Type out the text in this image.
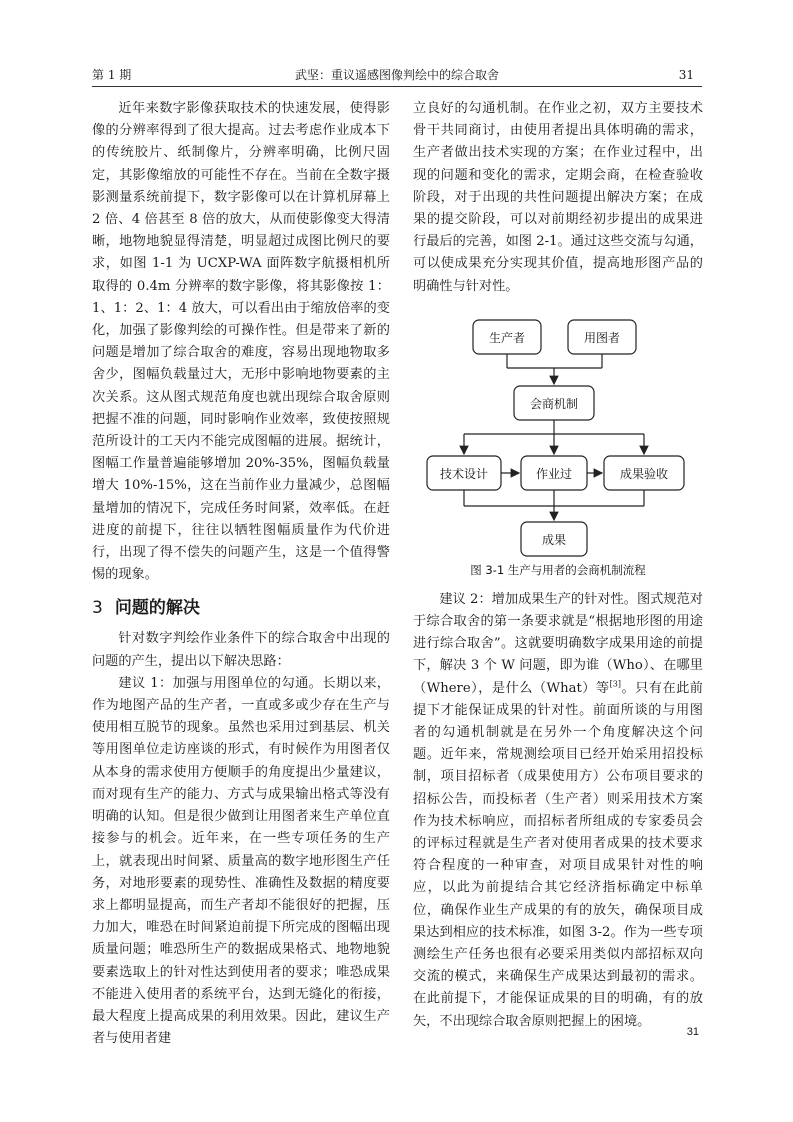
第 1 期	武坚：重议遥感图像判绘中的综合取舍	31

近年来数字影像获取技术的快速发展，使得影像的分辨率得到了很大提高。过去考虑作业成本下的传统胶片、纸制像片，分辨率明确，比例尺固定，其影像缩放的可能性不存在。当前在全数字摄影测量系统前提下，数字影像可以在计算机屏幕上 2 倍、4 倍甚至 8 倍的放大，从而使影像变大得清晰，地物地貌显得清楚，明显超过成图比例尺的要求，如图 1-1 为 UCXP-WA 面阵数字航摄相机所取得的 0.4m 分辨率的数字影像，将其影像按 1：1、1：2、1：4 放大，可以看出由于缩放倍率的变化，加强了影像判绘的可操作性。但是带来了新的问题是增加了综合取舍的难度，容易出现地物取多舍少，图幅负载量过大，无形中影响地物要素的主次关系。这从图式规范角度也就出现综合取舍原则把握不准的问题，同时影响作业效率，致使按照规范所设计的工天内不能完成图幅的进展。据统计，图幅工作量普遍能够增加 20%-35%，图幅负载量增大 10%-15%，这在当前作业力量减少，总图幅量增加的情况下，完成任务时间紧，效率低。在赶进度的前提下，往往以牺牲图幅质量作为代价进行，出现了得不偿失的问题产生，这是一个值得警惕的现象。

3 问题的解决

针对数字判绘作业条件下的综合取舍中出现的问题的产生，提出以下解决思路：

建议 1：加强与用图单位的勾通。长期以来，作为地图产品的生产者，一直或多或少存在生产与使用相互脱节的现象。虽然也采用过到基层、机关等用图单位走访座谈的形式，有时候作为用图者仅从本身的需求使用方便顺手的角度提出少量建议，而对现有生产的能力、方式与成果输出格式等没有明确的认知。但是很少做到让用图者来生产单位直接参与的机会。近年来，在一些专项任务的生产上，就表现出时间紧、质量高的数字地形图生产任务，对地形要素的现势性、准确性及数据的精度要求上都明显提高，而生产者却不能很好的把握，压力加大，唯恐在时间紧迫前提下所完成的图幅出现质量问题；唯恐所生产的数据成果格式、地物地貌要素选取上的针对性达到使用者的要求；唯恐成果不能进入使用者的系统平台，达到无缝化的衔接，最大程度上提高成果的利用效果。因此，建议生产者与使用者建

立良好的勾通机制。在作业之初，双方主要技术骨干共同商讨，由使用者提出具体明确的需求，生产者做出技术实现的方案；在作业过程中，出现的问题和变化的需求，定期会商，在检查验收阶段，对于出现的共性问题提出解决方案；在成果的提交阶段，可以对前期经初步提出的成果进行最后的完善，如图 2-1。通过这些交流与勾通，可以使成果充分实现其价值，提高地形图产品的明确性与针对性。

生产者	用图者
会商机制
技术设计	作业过	成果验收
成果
图 3-1 生产与用者的会商机制流程

建议 2：增加成果生产的针对性。图式规范对于综合取舍的第一条要求就是“根据地形图的用途进行综合取舍”。这就要明确数字成果用途的前提下，解决 3 个 W 问题，即为谁（Who）、在哪里（Where），是什么（What）等[3]。只有在此前提下才能保证成果的针对性。前面所谈的与用图者的勾通机制就是在另外一个角度解决这个问题。近年来，常规测绘项目已经开始采用招投标制，项目招标者（成果使用方）公布项目要求的招标公告，而投标者（生产者）则采用技术方案作为技术标响应，而招标者所组成的专家委员会的评标过程就是生产者对使用者成果的技术要求符合程度的一种审查，对项目成果针对性的响应，以此为前提结合其它经济指标确定中标单位，确保作业生产成果的有的放矢，确保项目成果达到相应的技术标准，如图 3-2。作为一些专项测绘生产任务也很有必要采用类似内部招标双向交流的模式，来确保生产成果达到最初的需求。在此前提下，才能保证成果的目的明确，有的放矢，不出现综合取舍原则把握上的困境。

31
